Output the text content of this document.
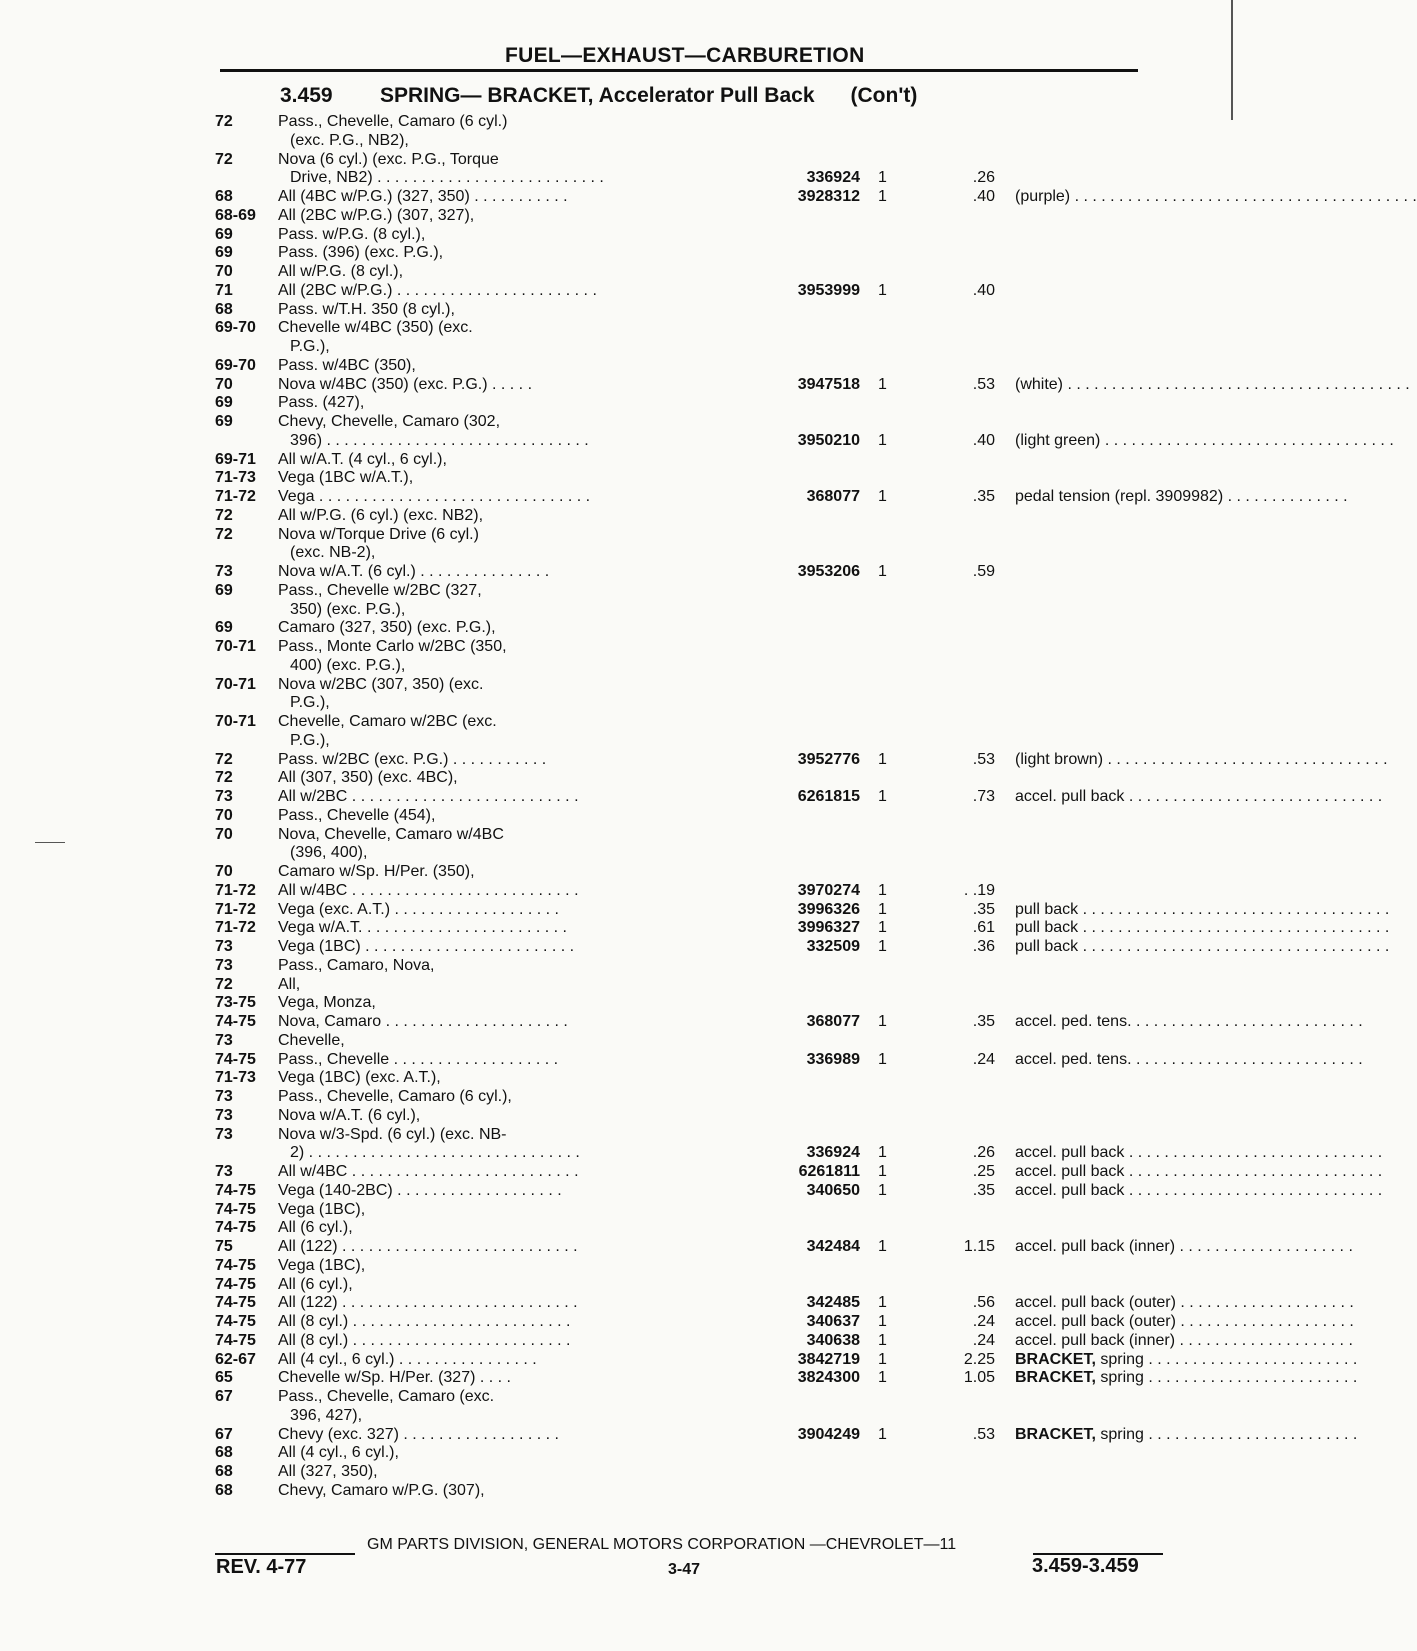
FUEL—EXHAUST—CARBURETION
3.459 SPRING— BRACKET, Accelerator Pull Back (Con't)
72	Pass., Chevelle, Camaro (6 cyl.)
(exc. P.G., NB2),
72	Nova (6 cyl.) (exc. P.G., Torque
Drive, NB2) . . . . . . . . . . . . . . . . . . . . . . . . . .	336924 1	.26
68	All (4BC w/P.G.) (327, 350) . . . . . . . . . . .	3928312 1	.40 (purple) . . . . . . . . . . . . . . . . . . . . . . . . . . . . . . . . . . . . . . .
68-69	All (2BC w/P.G.) (307, 327),
69	Pass. w/P.G. (8 cyl.),
69	Pass. (396) (exc. P.G.),
70	All w/P.G. (8 cyl.),
71	All (2BC w/P.G.) . . . . . . . . . . . . . . . . . . . . . . .	3953999 1	.40
68	Pass. w/T.H. 350 (8 cyl.),
69-70	Chevelle w/4BC (350) (exc.
P.G.),
69-70	Pass. w/4BC (350),
70	Nova w/4BC (350) (exc. P.G.) . . . . .	3947518 1	.53 (white) . . . . . . . . . . . . . . . . . . . . . . . . . . . . . . . . . . . . . . .
69	Pass. (427),
69	Chevy, Chevelle, Camaro (302,
396) . . . . . . . . . . . . . . . . . . . . . . . . . . . . . .	3950210 1	.40 (light green) . . . . . . . . . . . . . . . . . . . . . . . . . . . . . . . . .
69-71	All w/A.T. (4 cyl., 6 cyl.),
71-73	Vega (1BC w/A.T.),
71-72	Vega . . . . . . . . . . . . . . . . . . . . . . . . . . . . . . .	368077 1	.35 pedal tension (repl. 3909982) . . . . . . . . . . . . . .
72	All w/P.G. (6 cyl.) (exc. NB2),
72	Nova w/Torque Drive (6 cyl.)
(exc. NB-2),
73	Nova w/A.T. (6 cyl.) . . . . . . . . . . . . . . .	3953206 1	.59
69	Pass., Chevelle w/2BC (327,
350) (exc. P.G.),
69	Camaro (327, 350) (exc. P.G.),
70-71	Pass., Monte Carlo w/2BC (350,
400) (exc. P.G.),
70-71	Nova w/2BC (307, 350) (exc.
P.G.),
70-71	Chevelle, Camaro w/2BC (exc.
P.G.),
72	Pass. w/2BC (exc. P.G.) . . . . . . . . . . .	3952776 1	.53 (light brown) . . . . . . . . . . . . . . . . . . . . . . . . . . . . . . . .
72	All (307, 350) (exc. 4BC),
73	All w/2BC . . . . . . . . . . . . . . . . . . . . . . . . . .	6261815 1	.73 accel. pull back . . . . . . . . . . . . . . . . . . . . . . . . . . . . .
70	Pass., Chevelle (454),
70	Nova, Chevelle, Camaro w/4BC
(396, 400),
70	Camaro w/Sp. H/Per. (350),
71-72	All w/4BC . . . . . . . . . . . . . . . . . . . . . . . . . .	3970274 1	. .19
71-72	Vega (exc. A.T.) . . . . . . . . . . . . . . . . . . .	3996326 1	.35 pull back . . . . . . . . . . . . . . . . . . . . . . . . . . . . . . . . . . .
71-72	Vega w/A.T. . . . . . . . . . . . . . . . . . . . . . . .	3996327 1	.61 pull back . . . . . . . . . . . . . . . . . . . . . . . . . . . . . . . . . . .
73	Vega (1BC) . . . . . . . . . . . . . . . . . . . . . . . .	332509 1	.36 pull back . . . . . . . . . . . . . . . . . . . . . . . . . . . . . . . . . . .
73	Pass., Camaro, Nova,
72	All,
73-75	Vega, Monza,
74-75	Nova, Camaro . . . . . . . . . . . . . . . . . . . . .	368077 1	.35 accel. ped. tens. . . . . . . . . . . . . . . . . . . . . . . . . . .
73	Chevelle,
74-75	Pass., Chevelle . . . . . . . . . . . . . . . . . . .	336989 1	.24 accel. ped. tens. . . . . . . . . . . . . . . . . . . . . . . . . . .
71-73	Vega (1BC) (exc. A.T.),
73	Pass., Chevelle, Camaro (6 cyl.),
73	Nova w/A.T. (6 cyl.),
73	Nova w/3-Spd. (6 cyl.) (exc. NB-
2) . . . . . . . . . . . . . . . . . . . . . . . . . . . . . . .	336924 1	.26 accel. pull back . . . . . . . . . . . . . . . . . . . . . . . . . . . . .
73	All w/4BC . . . . . . . . . . . . . . . . . . . . . . . . . .	6261811 1	.25 accel. pull back . . . . . . . . . . . . . . . . . . . . . . . . . . . . .
74-75	Vega (140-2BC) . . . . . . . . . . . . . . . . . . .	340650 1	.35 accel. pull back . . . . . . . . . . . . . . . . . . . . . . . . . . . . .
74-75	Vega (1BC),
74-75	All (6 cyl.),
75	All (122) . . . . . . . . . . . . . . . . . . . . . . . . . . .	342484 1	1.15 accel. pull back (inner) . . . . . . . . . . . . . . . . . . . .
74-75	Vega (1BC),
74-75	All (6 cyl.),
74-75	All (122) . . . . . . . . . . . . . . . . . . . . . . . . . . .	342485 1	.56 accel. pull back (outer) . . . . . . . . . . . . . . . . . . . .
74-75	All (8 cyl.) . . . . . . . . . . . . . . . . . . . . . . . . .	340637 1	.24 accel. pull back (outer) . . . . . . . . . . . . . . . . . . . .
74-75	All (8 cyl.) . . . . . . . . . . . . . . . . . . . . . . . . .	340638 1	.24 accel. pull back (inner) . . . . . . . . . . . . . . . . . . . .
62-67	All (4 cyl., 6 cyl.) . . . . . . . . . . . . . . . .	3842719 1	2.25 BRACKET, spring . . . . . . . . . . . . . . . . . . . . . . . .
65	Chevelle w/Sp. H/Per. (327) . . . .	3824300 1	1.05 BRACKET, spring . . . . . . . . . . . . . . . . . . . . . . . .
67	Pass., Chevelle, Camaro (exc.
396, 427),
67	Chevy (exc. 327) . . . . . . . . . . . . . . . . . .	3904249 1	.53 BRACKET, spring . . . . . . . . . . . . . . . . . . . . . . . .
68	All (4 cyl., 6 cyl.),
68	All (327, 350),
68	Chevy, Camaro w/P.G. (307),
GM PARTS DIVISION, GENERAL MOTORS CORPORATION —CHEVROLET—11
REV. 4-77	3-47	3.459-3.459
